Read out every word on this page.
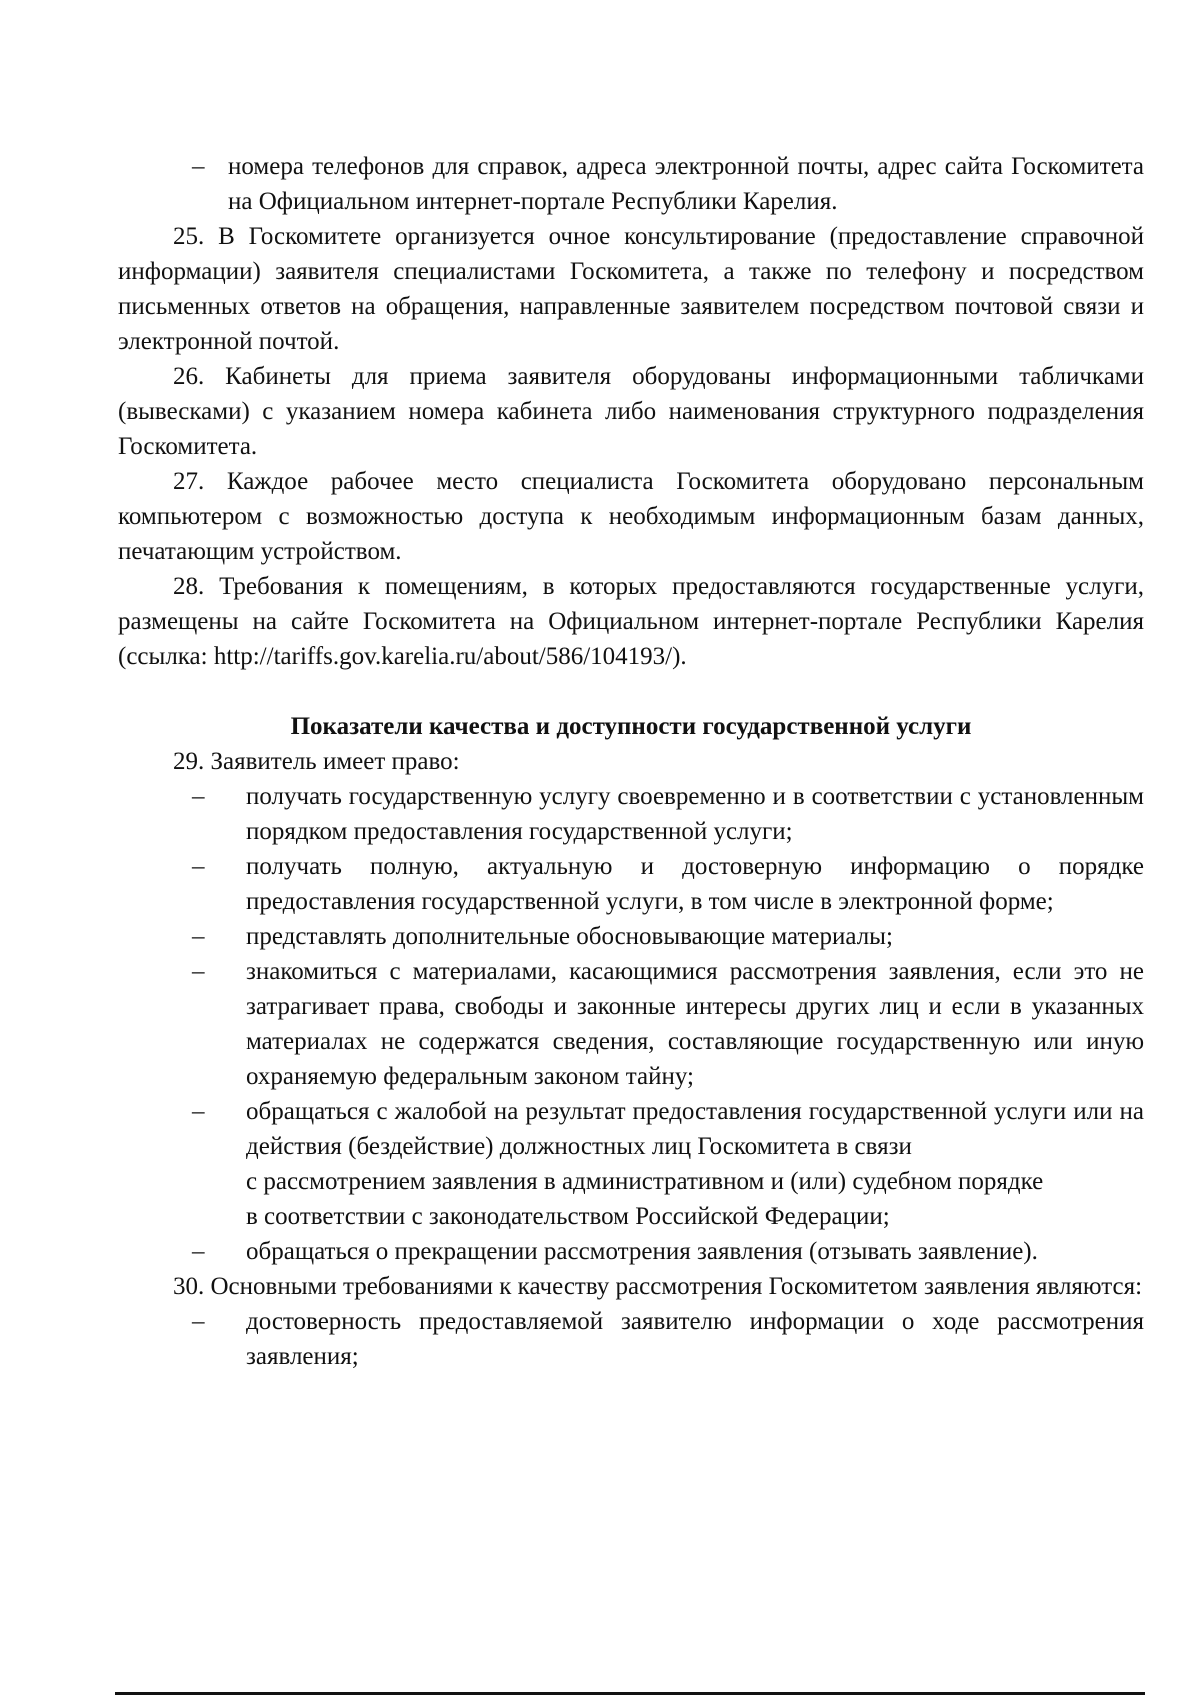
– номера телефонов для справок, адреса электронной почты, адрес сайта Госкомитета на Официальном интернет-портале Республики Карелия.

25. В Госкомитете организуется очное консультирование (предоставление справочной информации) заявителя специалистами Госкомитета, а также по телефону и посредством письменных ответов на обращения, направленные заявителем посредством почтовой связи и электронной почтой.

26. Кабинеты для приема заявителя оборудованы информационными табличками (вывесками) с указанием номера кабинета либо наименования структурного подразделения Госкомитета.

27. Каждое рабочее место специалиста Госкомитета оборудовано персональным компьютером с возможностью доступа к необходимым информационным базам данных, печатающим устройством.

28. Требования к помещениям, в которых предоставляются государственные услуги, размещены на сайте Госкомитета на Официальном интернет-портале Республики Карелия (ссылка: http://tariffs.gov.karelia.ru/about/586/104193/).

Показатели качества и доступности государственной услуги

29. Заявитель имеет право:

– получать государственную услугу своевременно и в соответствии с установленным порядком предоставления государственной услуги;

– получать полную, актуальную и достоверную информацию о порядке предоставления государственной услуги, в том числе в электронной форме;

– представлять дополнительные обосновывающие материалы;

– знакомиться с материалами, касающимися рассмотрения заявления, если это не затрагивает права, свободы и законные интересы других лиц и если в указанных материалах не содержатся сведения, составляющие государственную или иную охраняемую федеральным законом тайну;

– обращаться с жалобой на результат предоставления государственной услуги или на действия (бездействие) должностных лиц Госкомитета в связи

с рассмотрением заявления в административном и (или) судебном порядке

в соответствии с законодательством Российской Федерации;

– обращаться о прекращении рассмотрения заявления (отзывать заявление).

30. Основными требованиями к качеству рассмотрения Госкомитетом заявления являются:

– достоверность предоставляемой заявителю информации о ходе рассмотрения заявления;
